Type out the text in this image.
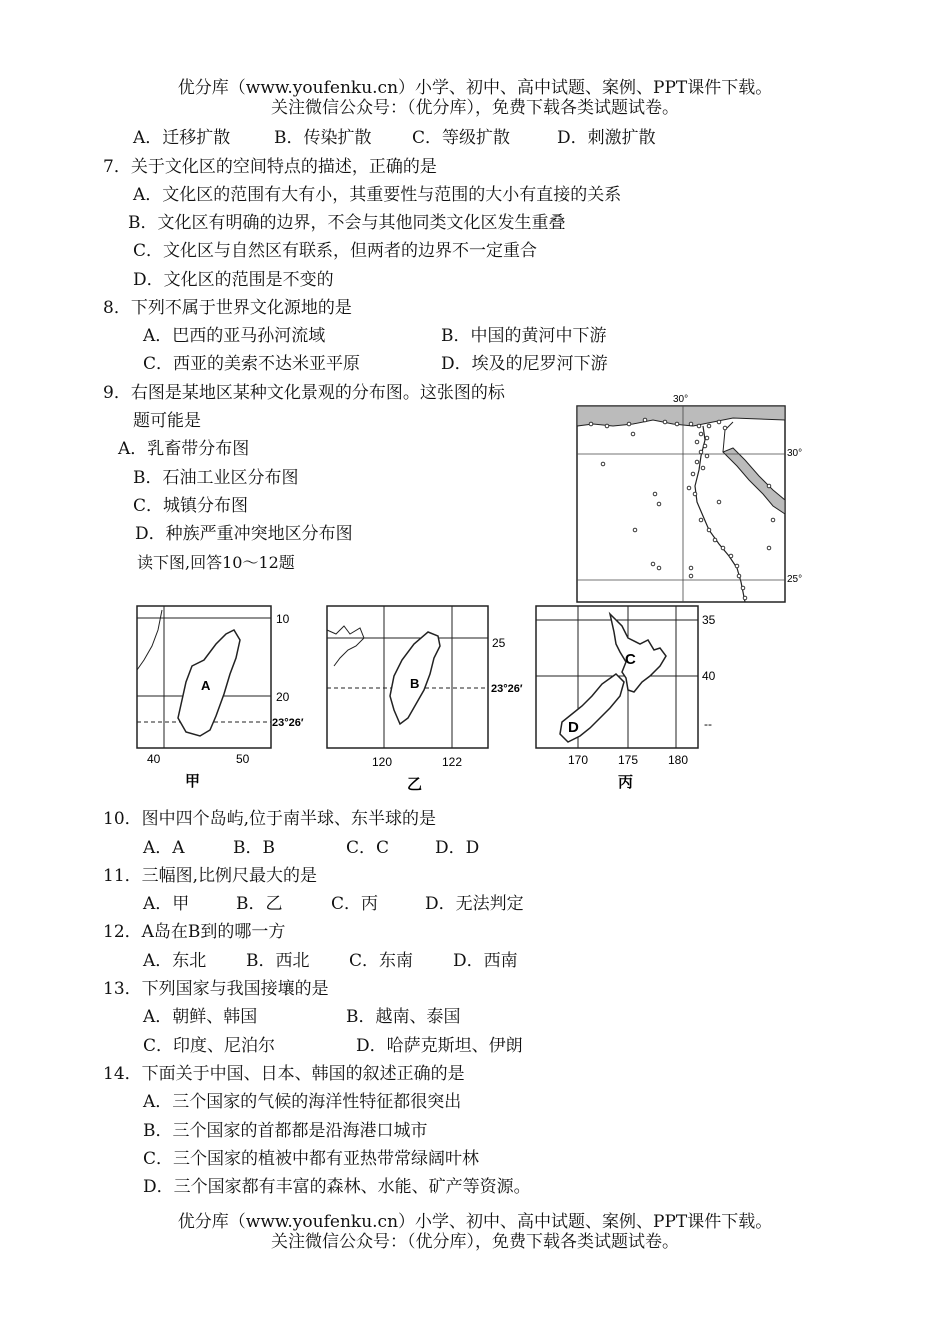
优分库（www.youfenku.cn）小学、初中、高中试题、案例、PPT课件下载。
关注微信公众号：（优分库），免费下载各类试题试卷。
A．迁移扩散	B．传染扩散 C．等级扩散	D．刺激扩散
7．关于文化区的空间特点的描述，正确的是
A．文化区的范围有大有小，其重要性与范围的大小有直接的关系
B．文化区有明确的边界，不会与其他同类文化区发生重叠
C．文化区与自然区有联系，但两者的边界不一定重合
D．文化区的范围是不变的
8．下列不属于世界文化源地的是
A．巴西的亚马孙河流域	B．中国的黄河中下游
C．西亚的美索不达米亚平原	D．埃及的尼罗河下游
9．右图是某地区某种文化景观的分布图。这张图的标
题可能是
A．乳畜带分布图
B．石油工业区分布图
C．城镇分布图
D．种族严重冲突地区分布图
读下图,回答10～12题
30°
30°
25°
A
10
20
23°26′
40	50
甲
B
25
23°26′
120	122
乙
C
D
35
40
--
170 175 180
丙
10．图中四个岛屿,位于南半球、东半球的是
A．A	B．B	C．C	D．D
11．三幅图,比例尺最大的是
A．甲	B．乙	C．丙	D．无法判定
12．A岛在B到的哪一方
A．东北 B．西北 C．东南 D．西南
13．下列国家与我国接壤的是
A．朝鲜、韩国	B．越南、泰国
C．印度、尼泊尔	D．哈萨克斯坦、伊朗
14．下面关于中国、日本、韩国的叙述正确的是
A．三个国家的气候的海洋性特征都很突出
B．三个国家的首都都是沿海港口城市
C．三个国家的植被中都有亚热带常绿阔叶林
D．三个国家都有丰富的森林、水能、矿产等资源。
优分库（www.youfenku.cn）小学、初中、高中试题、案例、PPT课件下载。
关注微信公众号：（优分库），免费下载各类试题试卷。
